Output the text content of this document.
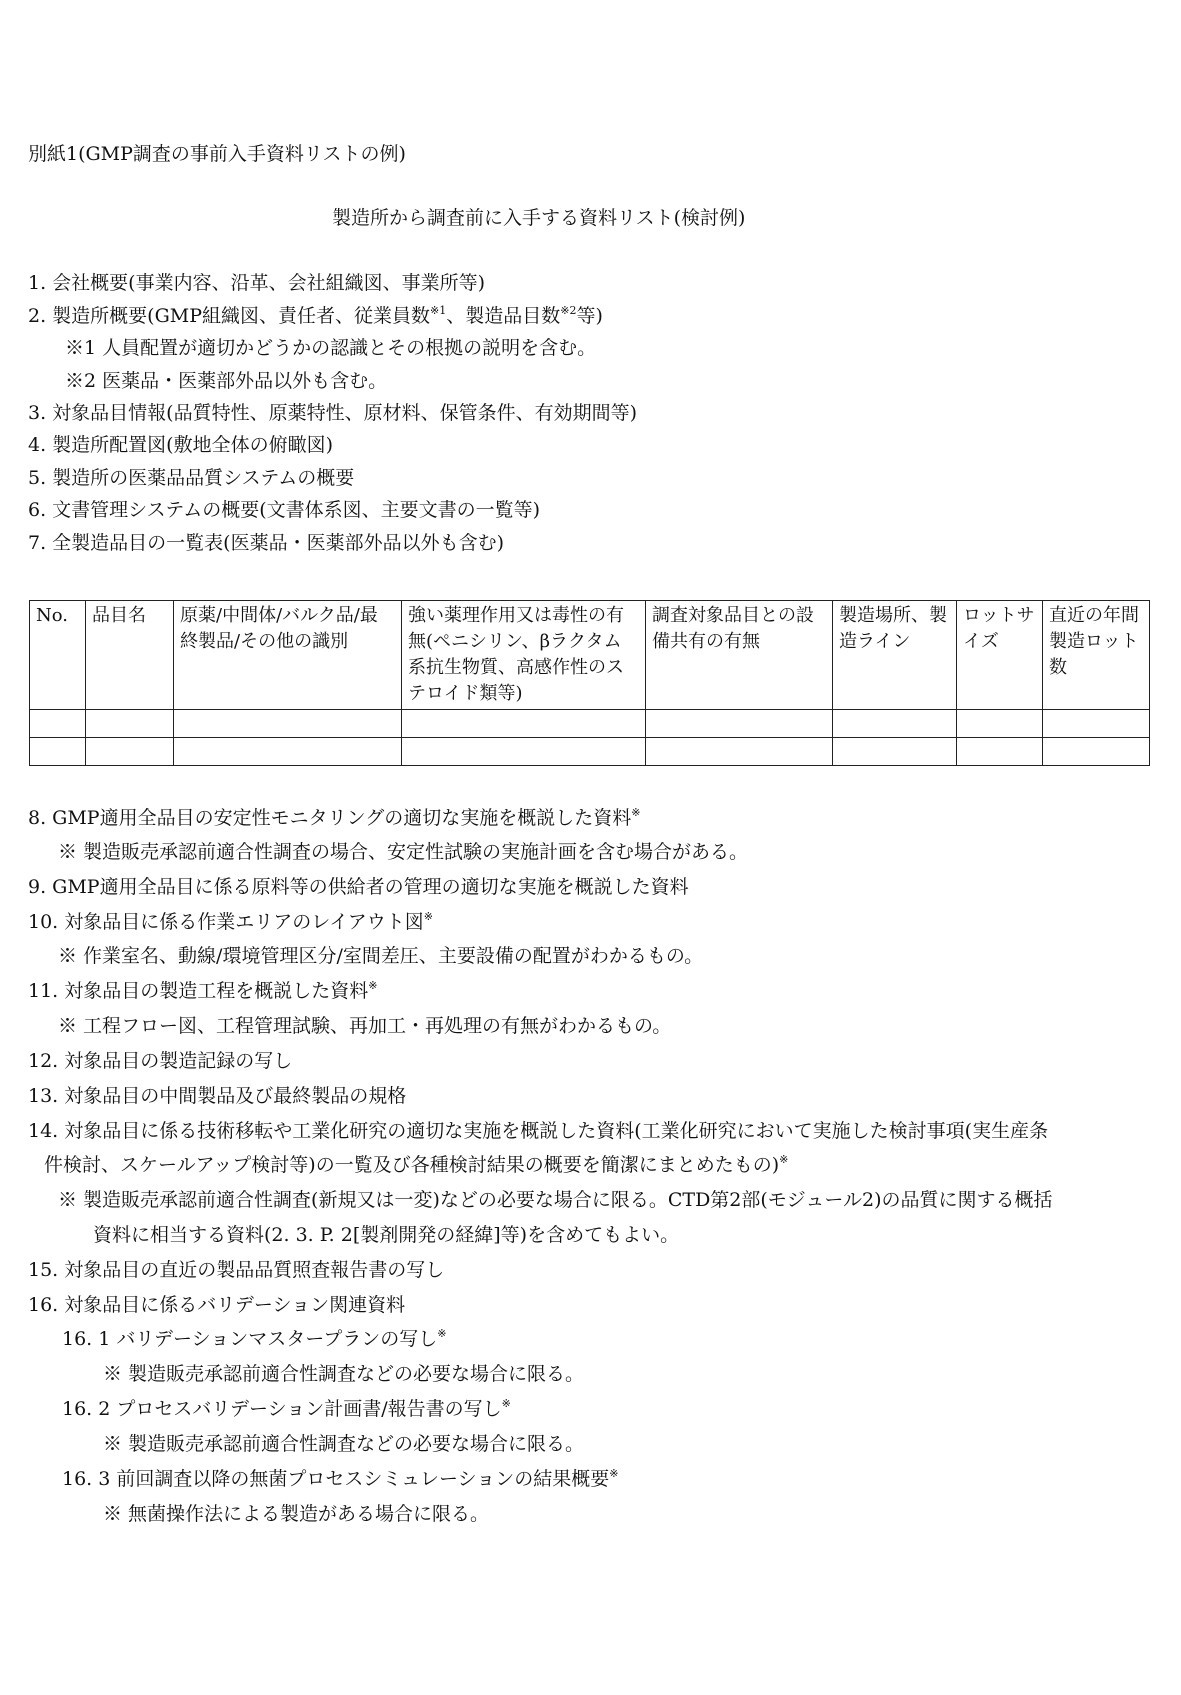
別紙1(GMP調査の事前入手資料リストの例)
製造所から調査前に入手する資料リスト(検討例)
1. 会社概要(事業内容、沿革、会社組織図、事業所等)
2. 製造所概要(GMP組織図、責任者、従業員数$^{※1}$、製造品目数$^{※2}$等)
※1 人員配置が適切かどうかの認識とその根拠の説明を含む。
※2 医薬品・医薬部外品以外も含む。
3. 対象品目情報(品質特性、原薬特性、原材料、保管条件、有効期間等)
4. 製造所配置図(敷地全体の俯瞰図)
5. 製造所の医薬品品質システムの概要
6. 文書管理システムの概要(文書体系図、主要文書の一覧等)
7. 全製造品目の一覧表(医薬品・医薬部外品以外も含む)
No.	品目名	原薬/中間体/バルク品/最終製品/その他の識別	強い薬理作用又は毒性の有無(ペニシリン、βラクタム系抗生物質、高感作性のステロイド類等)	調査対象品目との設備共有の有無	製造場所、製造ライン	ロットサイズ	直近の年間製造ロット数

8. GMP適用全品目の安定性モニタリングの適切な実施を概説した資料※
※ 製造販売承認前適合性調査の場合、安定性試験の実施計画を含む場合がある。
9. GMP適用全品目に係る原料等の供給者の管理の適切な実施を概説した資料
10. 対象品目に係る作業エリアのレイアウト図※
※ 作業室名、動線/環境管理区分/室間差圧、主要設備の配置がわかるもの。
11. 対象品目の製造工程を概説した資料※
※ 工程フロー図、工程管理試験、再加工・再処理の有無がわかるもの。
12. 対象品目の製造記録の写し
13. 対象品目の中間製品及び最終製品の規格
14. 対象品目に係る技術移転や工業化研究の適切な実施を概説した資料(工業化研究において実施した検討事項(実生産条
件検討、スケールアップ検討等)の一覧及び各種検討結果の概要を簡潔にまとめたもの)※
※ 製造販売承認前適合性調査(新規又は一変)などの必要な場合に限る。CTD第2部(モジュール2)の品質に関する概括
資料に相当する資料(2. 3. P. 2[製剤開発の経緯]等)を含めてもよい。
15. 対象品目の直近の製品品質照査報告書の写し
16. 対象品目に係るバリデーション関連資料
16. 1 バリデーションマスタープランの写し※
※ 製造販売承認前適合性調査などの必要な場合に限る。
16. 2 プロセスバリデーション計画書/報告書の写し※
※ 製造販売承認前適合性調査などの必要な場合に限る。
16. 3 前回調査以降の無菌プロセスシミュレーションの結果概要※
※ 無菌操作法による製造がある場合に限る。
